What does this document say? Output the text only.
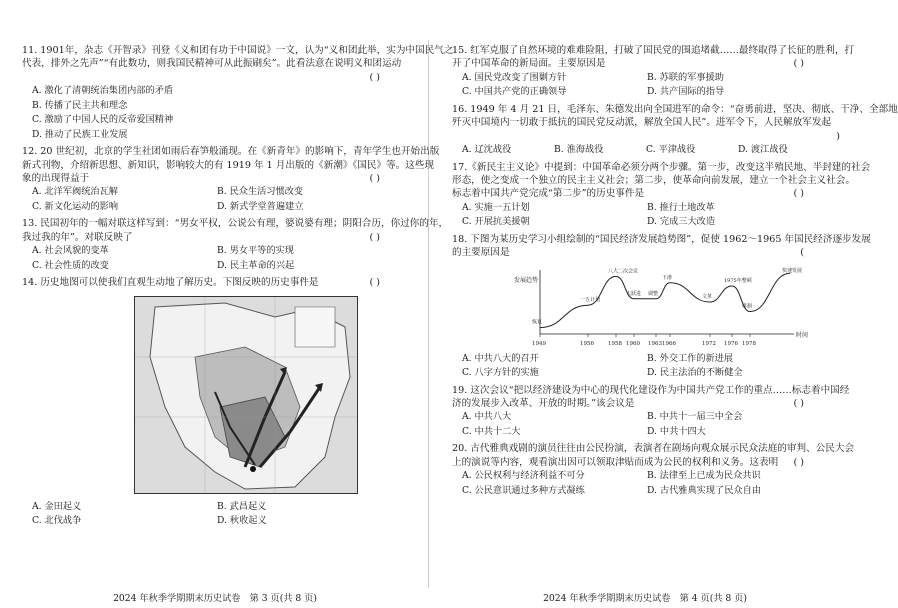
11. 1901年，杂志《开智录》刊登《义和团有功于中国说》一文，认为“义和团此举，实为中国民气之
代表，排外之先声”“有此数功，则我国民精神可从此振刷矣”。此看法意在说明义和团运动
( )
A. 激化了清朝统治集团内部的矛盾
B. 传播了民主共和理念
C. 激励了中国人民的反帝爱国精神
D. 推动了民族工业发展
12. 20 世纪初，北京的学生社团如雨后春笋般涌现。在《新青年》的影响下，青年学生也开始出版
新式刊物，介绍新思想、新知识，影响较大的有 1919 年 1 月出版的《新潮》《国民》等。这些现
象的出现得益于	( )
A. 北洋军阀统治瓦解	B. 民众生活习惯改变
C. 新文化运动的影响	D. 新式学堂普遍建立
13. 民国初年的一幅对联这样写到：“男女平权，公说公有理，婆说婆有理；阴阳合历，你过你的年，
我过我的年”。对联反映了	( )
A. 社会风貌的变革	B. 男女平等的实现
C. 社会性质的改变	D. 民主革命的兴起
14. 历史地图可以使我们直观生动地了解历史。下图反映的历史事件是	( )
A. 金田起义	B. 武昌起义
C. 北伐战争	D. 秋收起义
2024 年秋季学期期末历史试卷　第 3 页(共 8 页)
15. 红军克服了自然环境的难难险阻，打破了国民党的围追堵截……最终取得了长征的胜利，打
开了中国革命的新局面。主要原因是	( )
A. 国民党改变了围剿方针	B. 苏联的军事援助
C. 中国共产党的正确领导	D. 共产国际的指导
16. 1949 年 4 月 21 日，毛泽东、朱德发出向全国进军的命令：“奋勇前进，坚决、彻底、干净、全部地
歼灭中国境内一切敢于抵抗的国民党反动派，解放全国人民”。进军令下，人民解放军发起
)
A. 辽沈战役	B. 淮海战役	C. 平津战役	D. 渡江战役
17.《新民主主义论》中提到：中国革命必须分两个步骤。第一步，改变这半殖民地、半封建的社会
形态，使之变成一个独立的民主主义社会；第二步，使革命向前发展，建立一个社会主义社会。
标志着中国共产党完成“第二步”的历史事件是	( )
A. 实施一五计划	B. 推行土地改革
C. 开展抗美援朝	D. 完成三大改造
18. 下图为某历史学习小组绘制的“国民经济发展趋势图”，促使 1962～1965 年国民经济逐步发展
的主要原因是	(
发展趋势
时间
1949	1956	1958 1960 1963 1966	1972 1976 1978
恢复
一五计划
八大二次会议
大跃进 调整
下滑
文革
1975年整顿
徘徊
快速发展
A. 中共八大的召开	B. 外交工作的新进展
C. 八字方针的实施	D. 民主法治的不断健全
19. 这次会议“把以经济建设为中心的现代化建设作为中国共产党工作的重点……标志着中国经
济的发展步入改革、开放的时期。”该会议是	( )
A. 中共八大	B. 中共十一届三中全会
C. 中共十二大	D. 中共十四大
20. 古代雅典戏剧的演员往往由公民扮演，表演者在剧场向观众展示民众法庭的审判、公民大会
上的演说等内容，观看演出因可以领取津贴而成为公民的权利和义务。这表明 ( )
A. 公民权利与经济利益不可分	B. 法律至上已成为民众共识
C. 公民意识通过多种方式凝练	D. 古代雅典实现了民众自由
2024 年秋季学期期末历史试卷　第 4 页(共 8 页)
